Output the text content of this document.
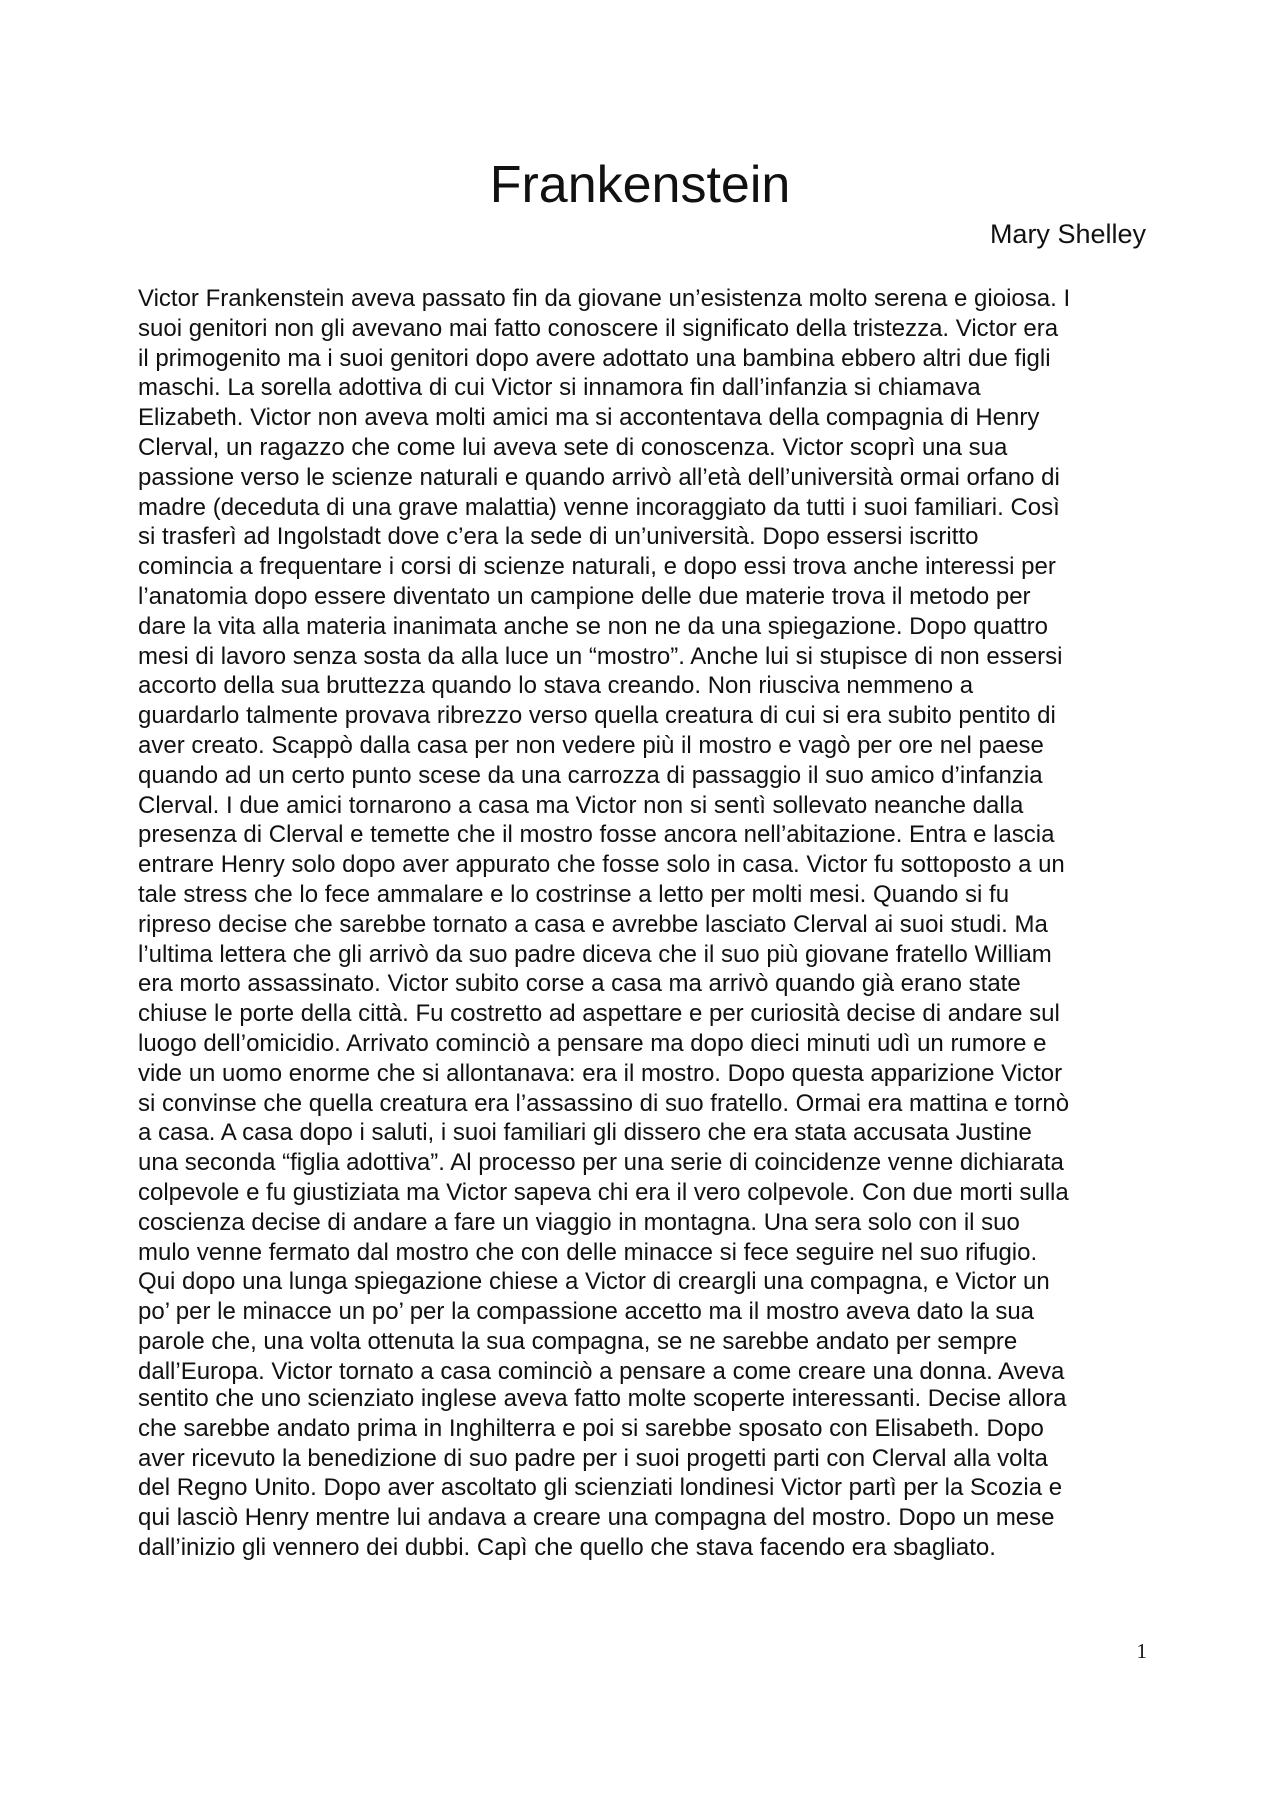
Frankenstein
Mary Shelley
Victor Frankenstein aveva passato fin da giovane un’esistenza molto serena e gioiosa. I
suoi genitori non gli avevano mai fatto conoscere il significato della tristezza. Victor era
il primogenito ma i suoi genitori dopo avere adottato una bambina ebbero altri due figli
maschi. La sorella adottiva di cui Victor si innamora fin dall’infanzia si chiamava
Elizabeth. Victor non aveva molti amici ma si accontentava della compagnia di Henry
Clerval, un ragazzo che come lui aveva sete di conoscenza. Victor scoprì una sua
passione verso le scienze naturali e quando arrivò all’età dell’università ormai orfano di
madre (deceduta di una grave malattia) venne incoraggiato da tutti i suoi familiari. Così
si trasferì ad Ingolstadt dove c’era la sede di un’università. Dopo essersi iscritto
comincia a frequentare i corsi di scienze naturali, e dopo essi trova anche interessi per
l’anatomia dopo essere diventato un campione delle due materie trova il metodo per
dare la vita alla materia inanimata anche se non ne da una spiegazione. Dopo quattro
mesi di lavoro senza sosta da alla luce un “mostro”. Anche lui si stupisce di non essersi
accorto della sua bruttezza quando lo stava creando. Non riusciva nemmeno a
guardarlo talmente provava ribrezzo verso quella creatura di cui si era subito pentito di
aver creato. Scappò dalla casa per non vedere più il mostro e vagò per ore nel paese
quando ad un certo punto scese da una carrozza di passaggio il suo amico d’infanzia
Clerval. I due amici tornarono a casa ma Victor non si sentì sollevato neanche dalla
presenza di Clerval e temette che il mostro fosse ancora nell’abitazione. Entra e lascia
entrare Henry solo dopo aver appurato che fosse solo in casa. Victor fu sottoposto a un
tale stress che lo fece ammalare e lo costrinse a letto per molti mesi. Quando si fu
ripreso decise che sarebbe tornato a casa e avrebbe lasciato Clerval ai suoi studi. Ma
l’ultima lettera che gli arrivò da suo padre diceva che il suo più giovane fratello William
era morto assassinato. Victor subito corse a casa ma arrivò quando già erano state
chiuse le porte della città. Fu costretto ad aspettare e per curiosità decise di andare sul
luogo dell’omicidio. Arrivato cominciò a pensare ma dopo dieci minuti udì un rumore e
vide un uomo enorme che si allontanava: era il mostro. Dopo questa apparizione Victor
si convinse che quella creatura era l’assassino di suo fratello. Ormai era mattina e tornò
a casa. A casa dopo i saluti, i suoi familiari gli dissero che era stata accusata Justine
una seconda “figlia adottiva”. Al processo per una serie di coincidenze venne dichiarata
colpevole e fu giustiziata ma Victor sapeva chi era il vero colpevole. Con due morti sulla
coscienza decise di andare a fare un viaggio in montagna. Una sera solo con il suo
mulo venne fermato dal mostro che con delle minacce si fece seguire nel suo rifugio.
Qui dopo una lunga spiegazione chiese a Victor di creargli una compagna, e Victor un
po’ per le minacce un po’ per la compassione accetto ma il mostro aveva dato la sua
parole che, una volta ottenuta la sua compagna, se ne sarebbe andato per sempre
dall’Europa. Victor tornato a casa cominciò a pensare a come creare una donna. Aveva
sentito che uno scienziato inglese aveva fatto molte scoperte interessanti. Decise allora
che sarebbe andato prima in Inghilterra e poi si sarebbe sposato con Elisabeth. Dopo
aver ricevuto la benedizione di suo padre per i suoi progetti parti con Clerval alla volta
del Regno Unito. Dopo aver ascoltato gli scienziati londinesi Victor partì per la Scozia e
qui lasciò Henry mentre lui andava a creare una compagna del mostro. Dopo un mese
dall’inizio gli vennero dei dubbi. Capì che quello che stava facendo era sbagliato.
1
